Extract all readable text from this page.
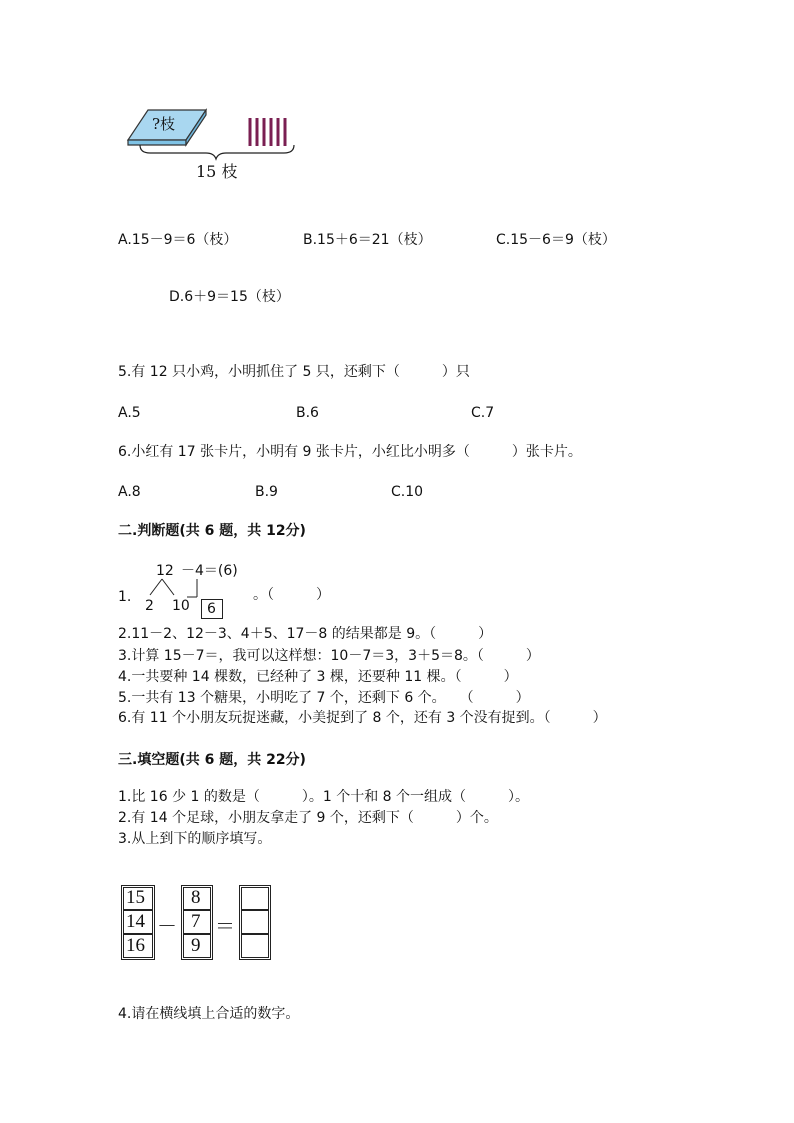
?枝
15 枝
A.15－9＝6（枝）	B.15＋6＝21（枝）	C.15－6＝9（枝）
D.6＋9＝15（枝）
5.有 12 只小鸡，小明抓住了 5 只，还剩下（　　　）只
A.5	B.6	C.7
6.小红有 17 张卡片，小明有 9 张卡片，小红比小明多（　　　）张卡片。
A.8	B.9	C.10
二.判断题(共 6 题，共 12分)
1.
12 －4＝(6)
2 10 6
。（　　　）
2.11－2、12－3、4＋5、17－8 的结果都是 9。（　　　）
3.计算 15－7＝，我可以这样想：10－7＝3，3＋5＝8。（　　　）
4.一共要种 14 棵数，已经种了 3 棵，还要种 11 棵。（　　　）
5.一共有 13 个糖果，小明吃了 7 个，还剩下 6 个。　　（　　　）
6.有 11 个小朋友玩捉迷藏，小美捉到了 8 个，还有 3 个没有捉到。（　　　）
三.填空题(共 6 题，共 22分)
1.比 16 少 1 的数是（　　　）。1 个十和 8 个一组成（　　　）。
2.有 14 个足球，小朋友拿走了 9 个，还剩下（　　　）个。
3.从上到下的顺序填写。
15
14
16
－
8
7
9
＝
4.请在横线填上合适的数字。
